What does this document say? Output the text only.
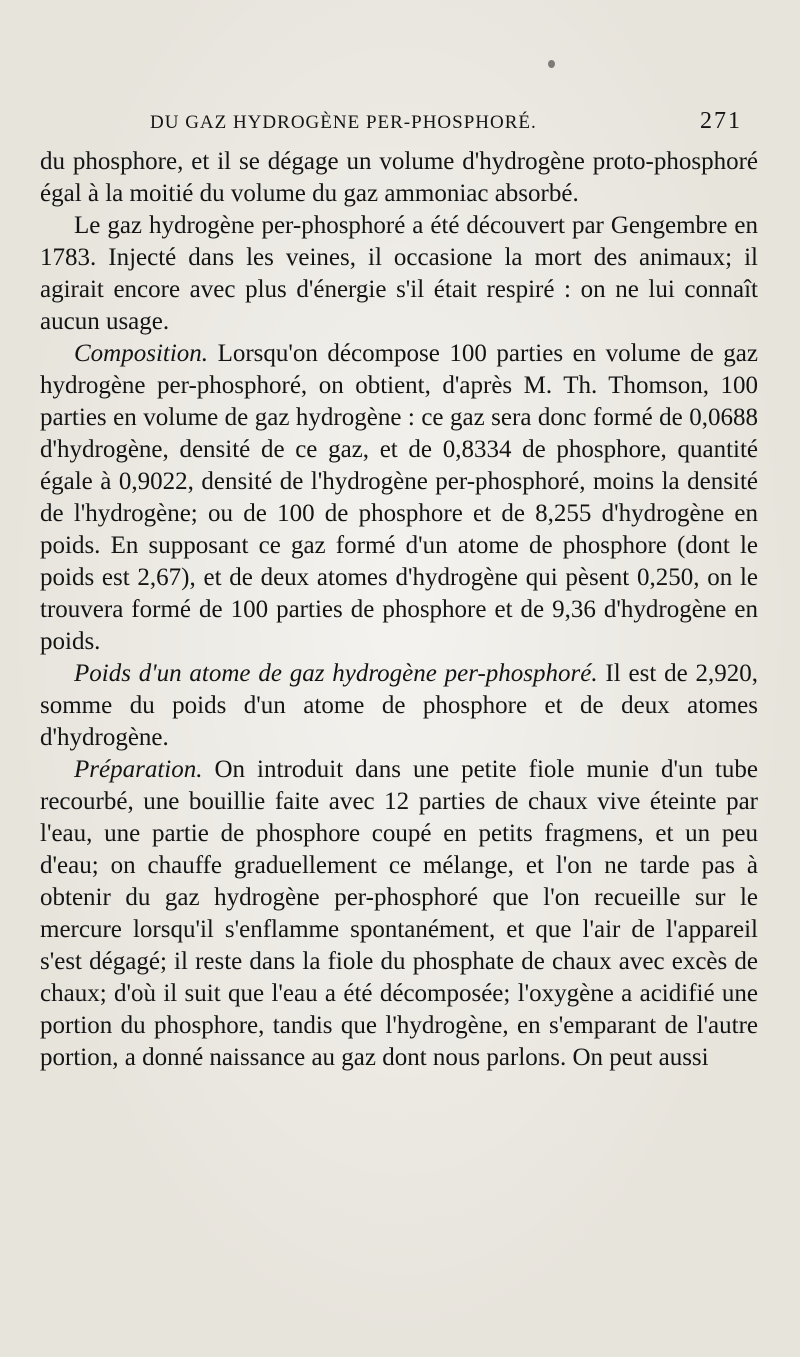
DU GAZ HYDROGÈNE PER-PHOSPHORÉ.	271

du phosphore, et il se dégage un volume d'hydrogène proto-phosphoré égal à la moitié du volume du gaz ammoniac absorbé.

Le gaz hydrogène per-phosphoré a été découvert par Gengembre en 1783. Injecté dans les veines, il occasione la mort des animaux; il agirait encore avec plus d'énergie s'il était respiré : on ne lui connaît aucun usage.

Composition. Lorsqu'on décompose 100 parties en volume de gaz hydrogène per-phosphoré, on obtient, d'après M. Th. Thomson, 100 parties en volume de gaz hydrogène : ce gaz sera donc formé de 0,0688 d'hydrogène, densité de ce gaz, et de 0,8334 de phosphore, quantité égale à 0,9022, densité de l'hydrogène per-phosphoré, moins la densité de l'hydrogène; ou de 100 de phosphore et de 8,255 d'hydrogène en poids. En supposant ce gaz formé d'un atome de phosphore (dont le poids est 2,67), et de deux atomes d'hydrogène qui pèsent 0,250, on le trouvera formé de 100 parties de phosphore et de 9,36 d'hydrogène en poids.

Poids d'un atome de gaz hydrogène per-phosphoré. Il est de 2,920, somme du poids d'un atome de phosphore et de deux atomes d'hydrogène.

Préparation. On introduit dans une petite fiole munie d'un tube recourbé, une bouillie faite avec 12 parties de chaux vive éteinte par l'eau, une partie de phosphore coupé en petits fragmens, et un peu d'eau; on chauffe graduellement ce mélange, et l'on ne tarde pas à obtenir du gaz hydrogène per-phosphoré que l'on recueille sur le mercure lorsqu'il s'enflamme spontanément, et que l'air de l'appareil s'est dégagé; il reste dans la fiole du phosphate de chaux avec excès de chaux; d'où il suit que l'eau a été décomposée; l'oxygène a acidifié une portion du phosphore, tandis que l'hydrogène, en s'emparant de l'autre portion, a donné naissance au gaz dont nous parlons. On peut aussi
